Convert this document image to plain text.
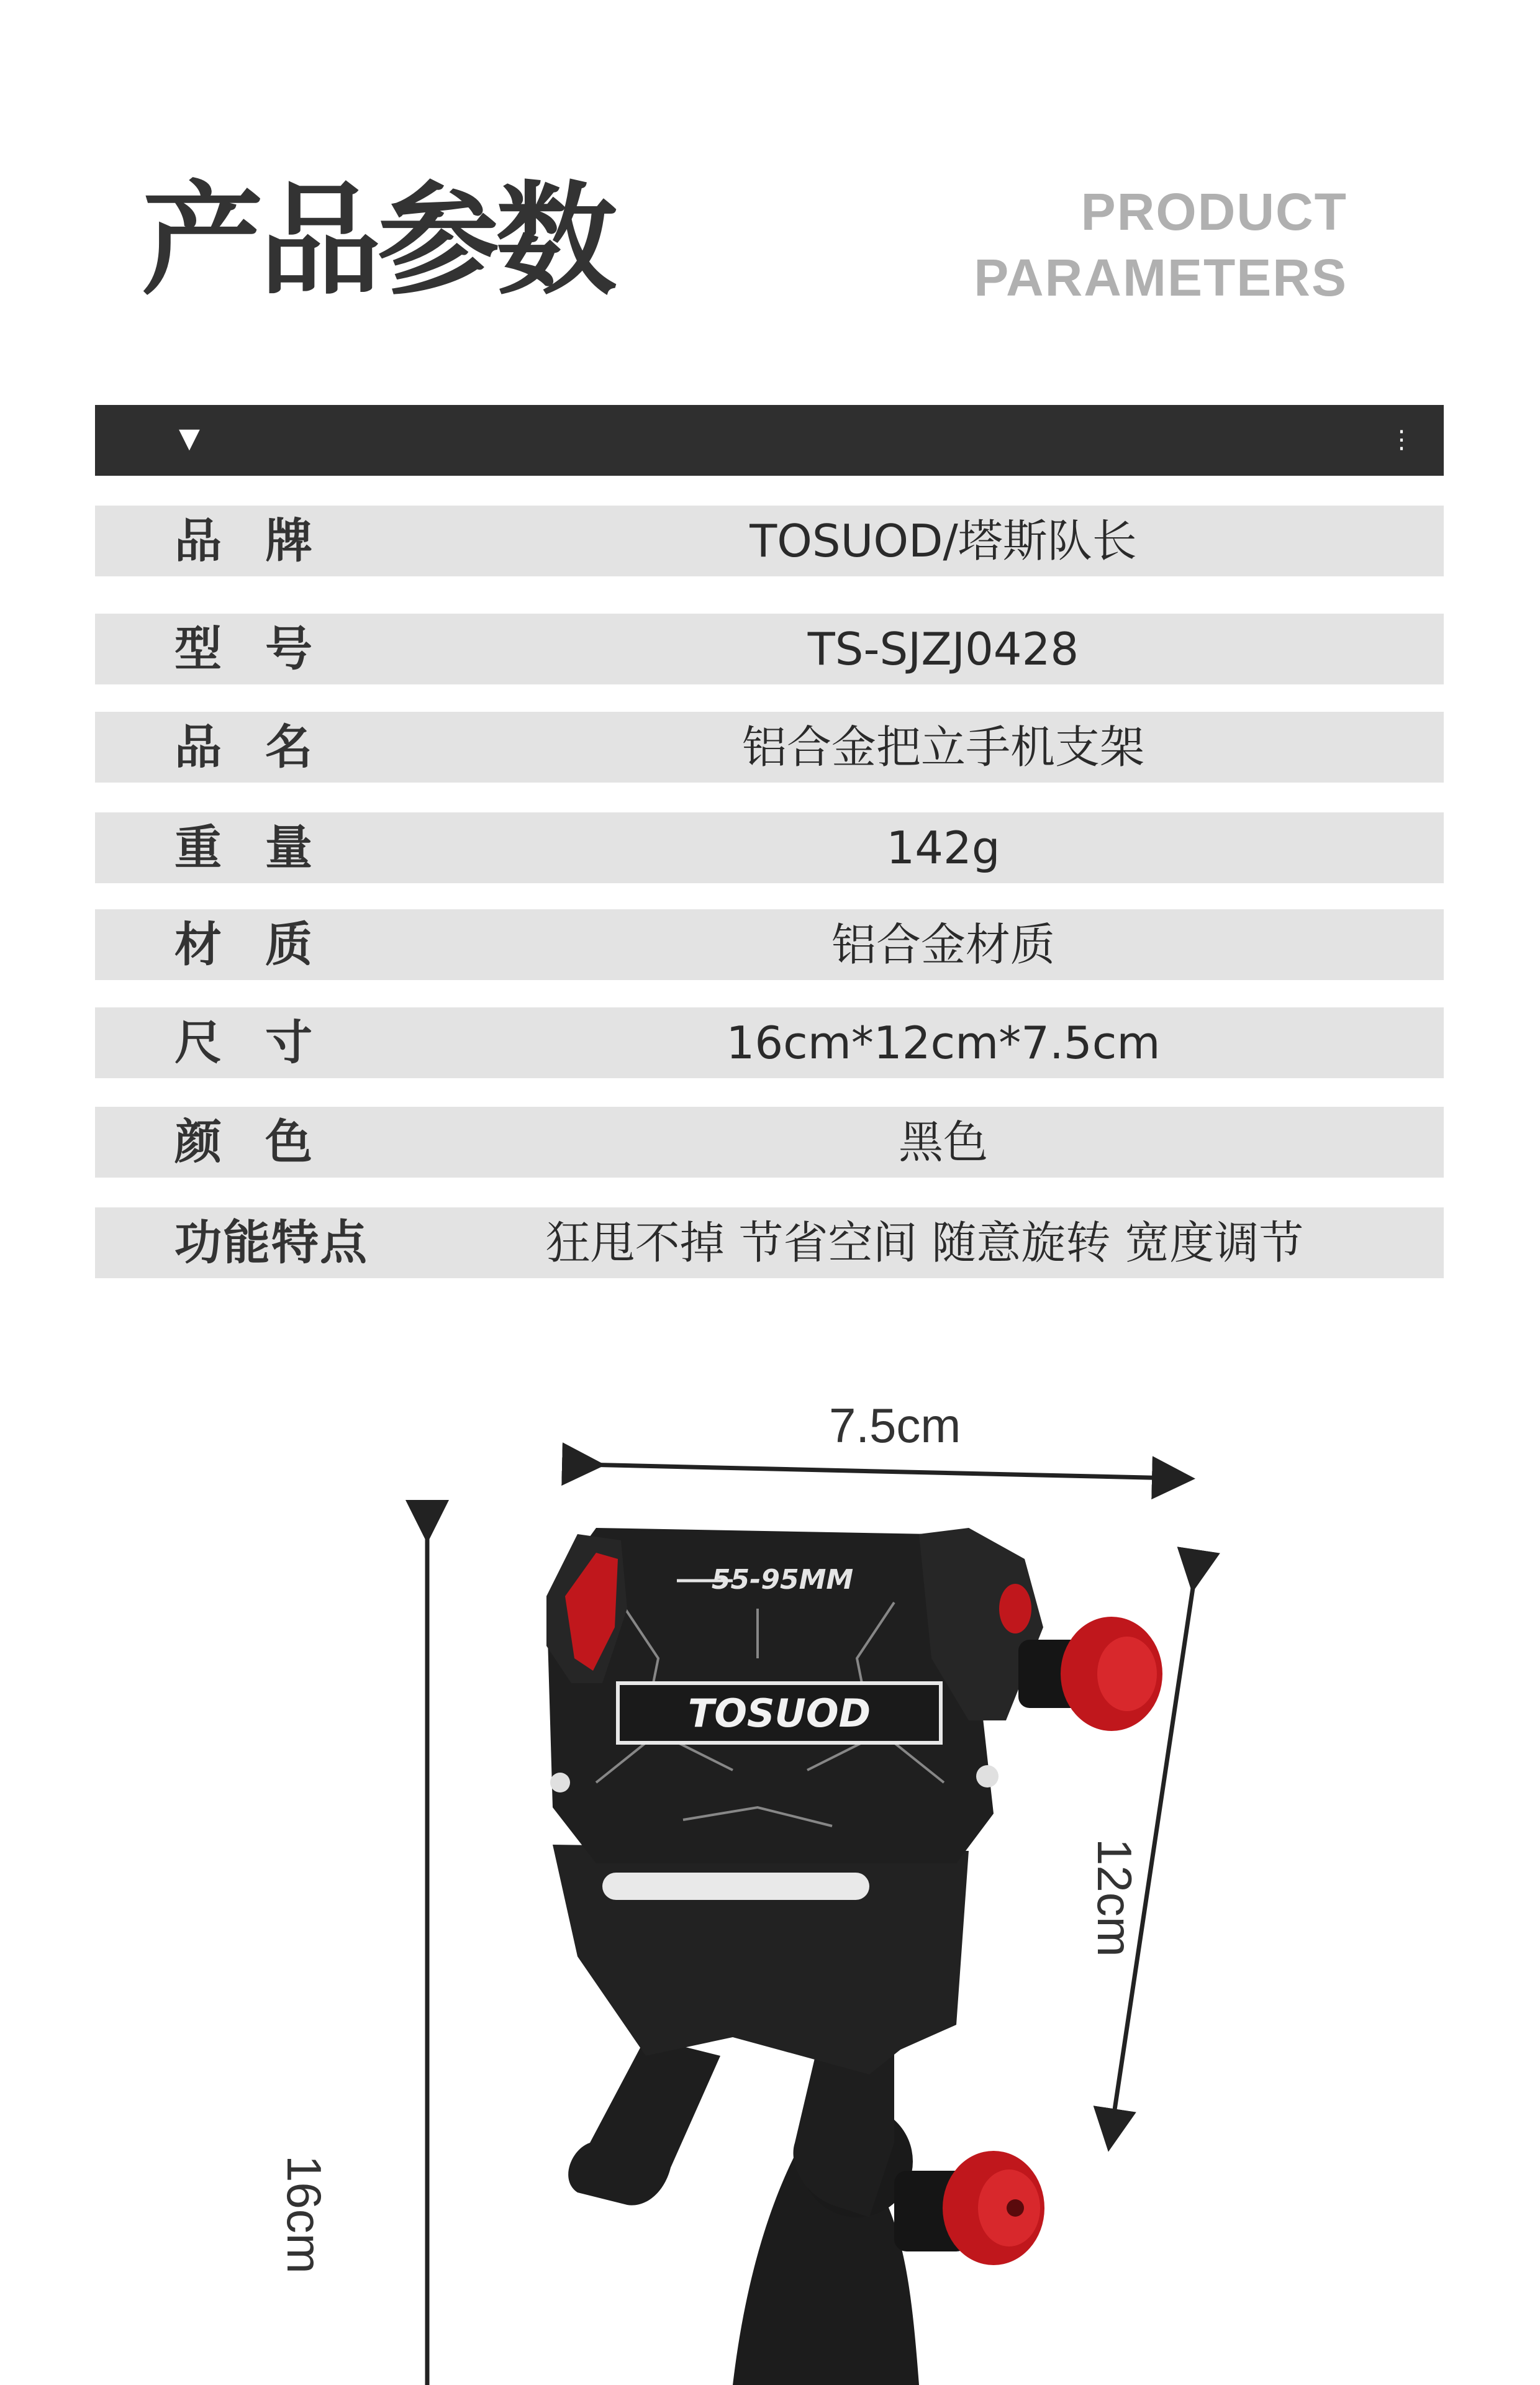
产品参数	PRODUCT
PARAMETERS
▼	⋮
品牌	TOSUOD/塔斯队长
型号	TS-SJZJ0428
品名	铝合金把立手机支架
重量	142g
材质	铝合金材质
尺寸	16cm*12cm*7.5cm
颜色	黑色
功能特点	狂甩不掉 节省空间 随意旋转 宽度调节
7.5cm
12cm
16cm
55-95MM
TOSUOD
